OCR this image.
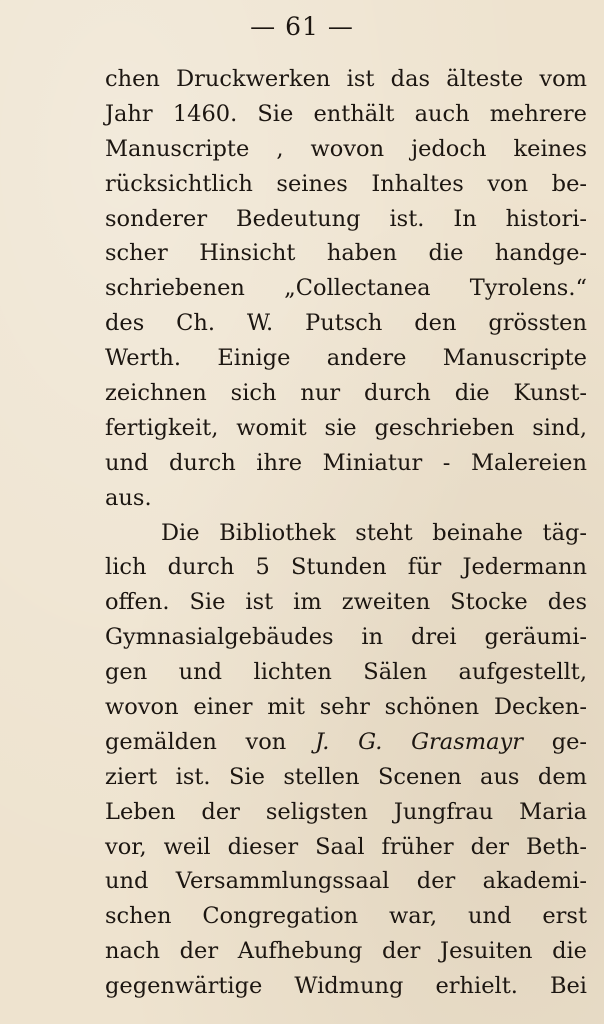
— 61 —
chen Druckwerken ist das älteste vom
Jahr 1460. Sie enthält auch mehrere
Manuscripte , wovon jedoch keines
rücksichtlich seines Inhaltes von be-
sonderer Bedeutung ist. In histori-
scher Hinsicht haben die handge-
schriebenen „Collectanea Tyrolens.“
des Ch. W. Putsch den grössten
Werth. Einige andere Manuscripte
zeichnen sich nur durch die Kunst-
fertigkeit, womit sie geschrieben sind,
und durch ihre Miniatur - Malereien
aus.
Die Bibliothek steht beinahe täg-
lich durch 5 Stunden für Jedermann
offen. Sie ist im zweiten Stocke des
Gymnasialgebäudes in drei geräumi-
gen und lichten Sälen aufgestellt,
wovon einer mit sehr schönen Decken-
gemälden von J. G. Grasmayr ge-
ziert ist. Sie stellen Scenen aus dem
Leben der seligsten Jungfrau Maria
vor, weil dieser Saal früher der Beth-
und Versammlungssaal der akademi-
schen Congregation war, und erst
nach der Aufhebung der Jesuiten die
gegenwärtige Widmung erhielt. Bei
